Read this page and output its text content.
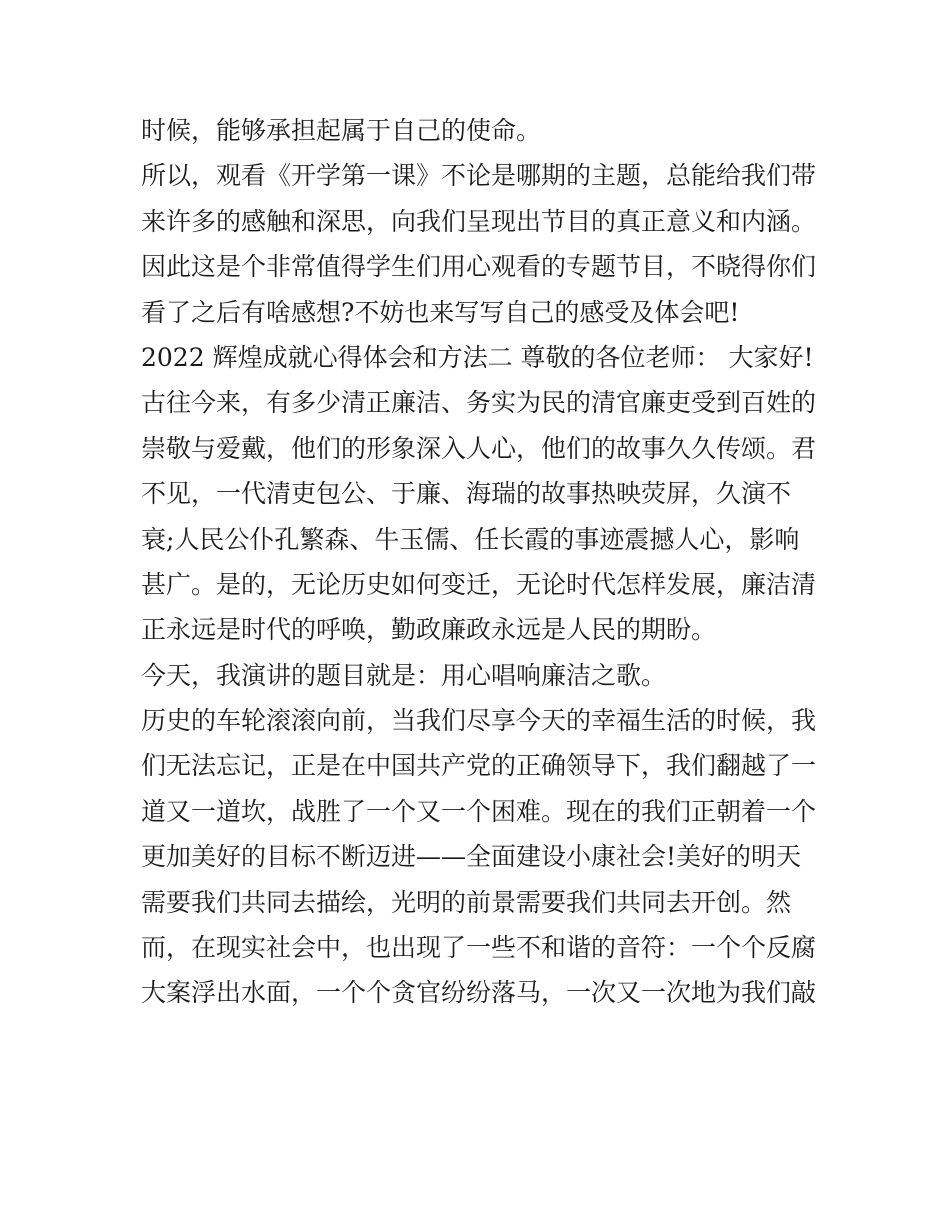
时候，能够承担起属于自己的使命。
所以，观看《开学第一课》不论是哪期的主题，总能给我们带
来许多的感触和深思，向我们呈现出节目的真正意义和内涵。
因此这是个非常值得学生们用心观看的专题节目，不晓得你们
看了之后有啥感想?不妨也来写写自己的感受及体会吧!
2022 辉煌成就心得体会和方法二 尊敬的各位老师： 大家好!
古往今来，有多少清正廉洁、务实为民的清官廉吏受到百姓的
崇敬与爱戴，他们的形象深入人心，他们的故事久久传颂。君
不见，一代清吏包公、于廉、海瑞的故事热映荧屏，久演不
衰;人民公仆孔繁森、牛玉儒、任长霞的事迹震撼人心，影响
甚广。是的，无论历史如何变迁，无论时代怎样发展，廉洁清
正永远是时代的呼唤，勤政廉政永远是人民的期盼。
今天，我演讲的题目就是：用心唱响廉洁之歌。
历史的车轮滚滚向前，当我们尽享今天的幸福生活的时候，我
们无法忘记，正是在中国共产党的正确领导下，我们翻越了一
道又一道坎，战胜了一个又一个困难。现在的我们正朝着一个
更加美好的目标不断迈进——全面建设小康社会!美好的明天
需要我们共同去描绘，光明的前景需要我们共同去开创。然
而，在现实社会中，也出现了一些不和谐的音符：一个个反腐
大案浮出水面，一个个贪官纷纷落马，一次又一次地为我们敲
